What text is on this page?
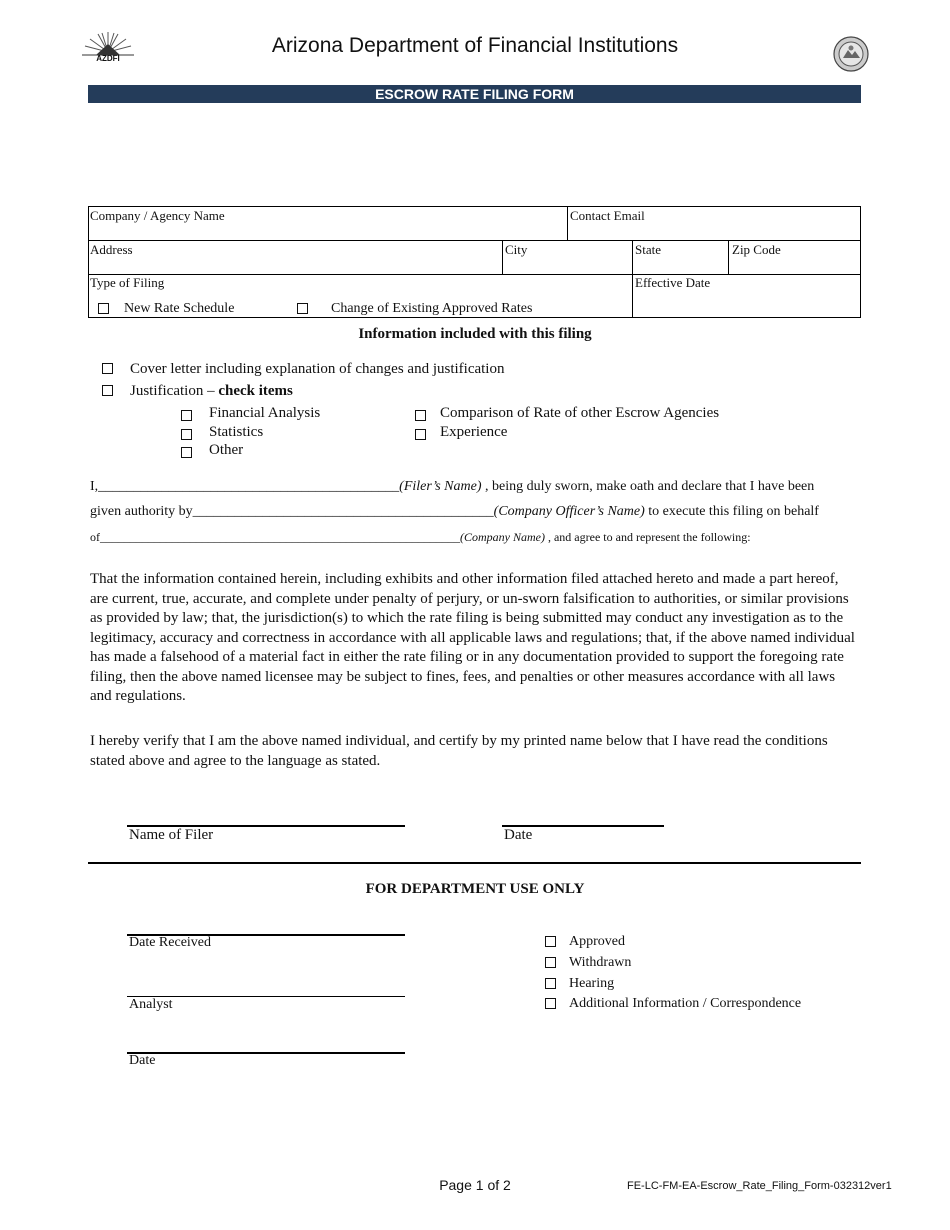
AZDFI
Arizona Department of Financial Institutions
ESCROW RATE FILING FORM
Company / Agency Name	Contact Email
Address	City	State	Zip Code
Type of Filing	Effective Date
New Rate Schedule	Change of Existing Approved Rates
Information included with this filing
Cover letter including explanation of changes and justification
Justification – check items
Financial Analysis
Statistics
Other
Comparison of Rate of other Escrow Agencies
Experience
I,___________________________________________(Filer’s Name) , being duly sworn, make oath and declare that I have been
given authority by___________________________________________(Company Officer’s Name) to execute this filing on behalf
of____________________________________________________________(Company Name) , and agree to and represent the following:
That the information contained herein, including exhibits and other information filed attached hereto and made a part hereof, are current, true, accurate, and complete under penalty of perjury, or un-sworn falsification to authorities, or similar provisions as provided by law; that, the jurisdiction(s) to which the rate filing is being submitted may conduct any investigation as to the legitimacy, accuracy and correctness in accordance with all applicable laws and regulations; that, if the above named individual has made a falsehood of a material fact in either the rate filing or in any documentation provided to support the foregoing rate filing, then the above named licensee may be subject to fines, fees, and penalties or other measures accordance with all laws and regulations.
I hereby verify that I am the above named individual, and certify by my printed name below that I have read the conditions stated above and agree to the language as stated.
Name of Filer	Date
FOR DEPARTMENT USE ONLY
Date Received
Analyst
Date
Approved
Withdrawn
Hearing
Additional Information / Correspondence
Page 1 of 2	FE-LC-FM-EA-Escrow_Rate_Filing_Form-032312ver1
